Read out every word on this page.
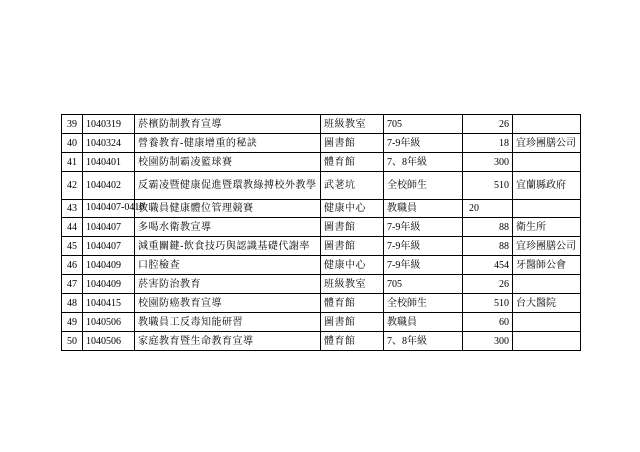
39	1040319	菸檳防制教育宣導	班級教室	705	26	
40	1040324	營養教育-健康增重的秘訣	圖書館	7-9年級	18	宜珍團膳公司
41	1040401	校園防制霸凌籃球賽	體育館	7、8年級	300	
42	1040402	反霸凌暨健康促進暨環教綠搏校外教學	武荖坑	全校師生	510	宜蘭縣政府
43	1040407-0410	教職員健康體位管理競賽	健康中心	教職員	20	
44	1040407	多喝水衛教宣導	圖書館	7-9年級	88	衛生所
45	1040407	減重關鍵-飲食技巧與認識基礎代謝率	圖書館	7-9年級	88	宜珍團膳公司
46	1040409	口腔檢查	健康中心	7-9年級	454	牙醫師公會
47	1040409	菸害防治教育	班級教室	705	26	
48	1040415	校園防癌教育宣導	體育館	全校師生	510	台大醫院
49	1040506	教職員工反毒知能研習	圖書館	教職員	60	
50	1040506	家庭教育暨生命教育宣導	體育館	7、8年級	300	
